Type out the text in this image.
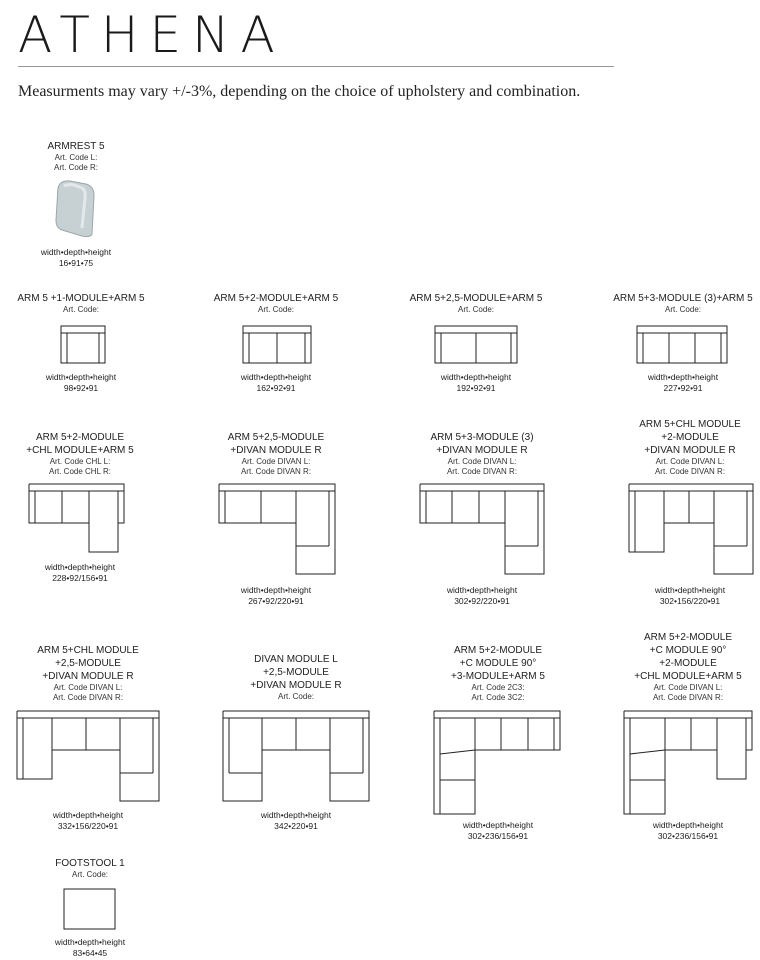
ATHENA
Measurments may vary +/-3%, depending on the choice of upholstery and combination.
ARMREST 5
Art. Code L:
Art. Code R:
width•depth•height
16•91•75
ARM 5 +1-MODULE+ARM 5
Art. Code:
width•depth•height
98•92•91
ARM 5+2-MODULE+ARM 5
Art. Code:
width•depth•height
162•92•91
ARM 5+2,5-MODULE+ARM 5
Art. Code:
width•depth•height
192•92•91
ARM 5+3-MODULE (3)+ARM 5
Art. Code:
width•depth•height
227•92•91
ARM 5+2-MODULE
+CHL MODULE+ARM 5
Art. Code CHL L:
Art. Code CHL R:
width•depth•height
228•92/156•91
ARM 5+2,5-MODULE
+DIVAN MODULE R
Art. Code DIVAN L:
Art. Code DIVAN R:
width•depth•height
267•92/220•91
ARM 5+3-MODULE (3)
+DIVAN MODULE R
Art. Code DIVAN L:
Art. Code DIVAN R:
width•depth•height
302•92/220•91
ARM 5+CHL MODULE
+2-MODULE
+DIVAN MODULE R
Art. Code DIVAN L:
Art. Code DIVAN R:
width•depth•height
302•156/220•91
ARM 5+CHL MODULE
+2,5-MODULE
+DIVAN MODULE R
Art. Code DIVAN L:
Art. Code DIVAN R:
width•depth•height
332•156/220•91
DIVAN MODULE L
+2,5-MODULE
+DIVAN MODULE R
Art. Code:
width•depth•height
342•220•91
ARM 5+2-MODULE
+C MODULE 90°
+3-MODULE+ARM 5
Art. Code 2C3:
Art. Code 3C2:
width•depth•height
302•236/156•91
ARM 5+2-MODULE
+C MODULE 90°
+2-MODULE
+CHL MODULE+ARM 5
Art. Code DIVAN L:
Art. Code DIVAN R:
width•depth•height
302•236/156•91
FOOTSTOOL 1
Art. Code:
width•depth•height
83•64•45
